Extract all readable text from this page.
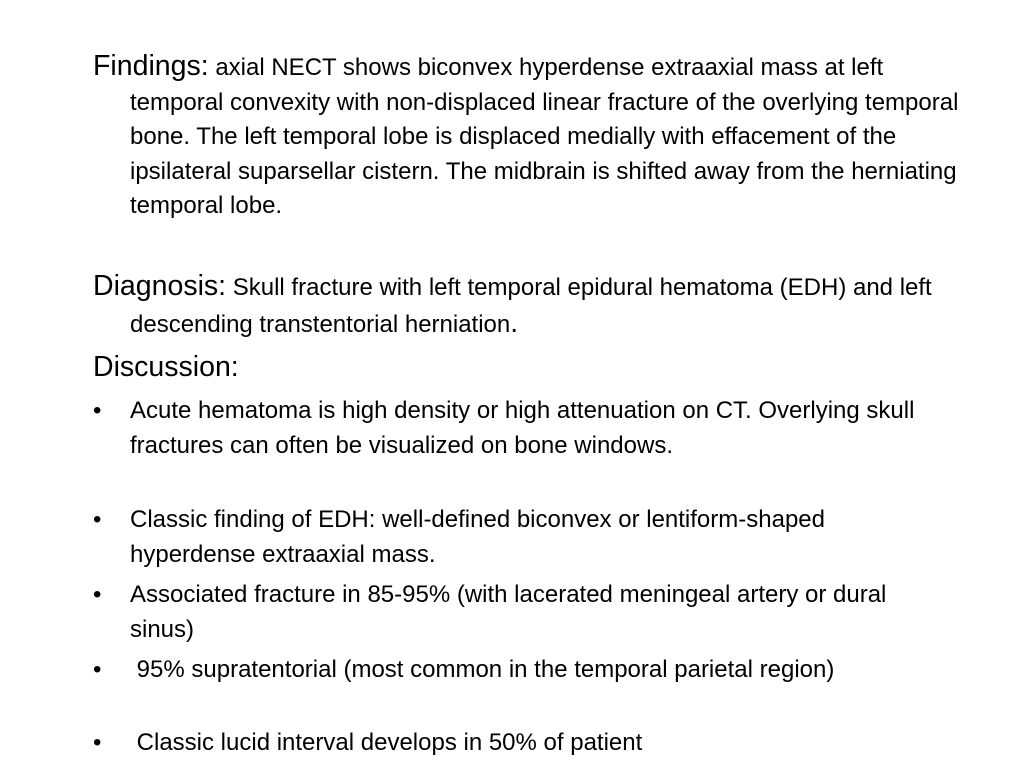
Findings: axial NECT shows biconvex hyperdense extraaxial mass at left temporal convexity with non-displaced linear fracture of the overlying temporal bone. The left temporal lobe is displaced medially with effacement of the ipsilateral suparsellar cistern. The midbrain is shifted away from the herniating temporal lobe.

Diagnosis: Skull fracture with left temporal epidural hematoma (EDH) and left descending transtentorial herniation.

Discussion:

•	Acute hematoma is high density or high attenuation on CT. Overlying skull fractures can often be visualized on bone windows.
•	Classic finding of EDH: well-defined biconvex or lentiform-shaped hyperdense extraaxial mass.
•	Associated fracture in 85-95% (with lacerated meningeal artery or dural sinus)
•	95% supratentorial (most common in the temporal parietal region)
•	Classic lucid interval develops in 50% of patient
